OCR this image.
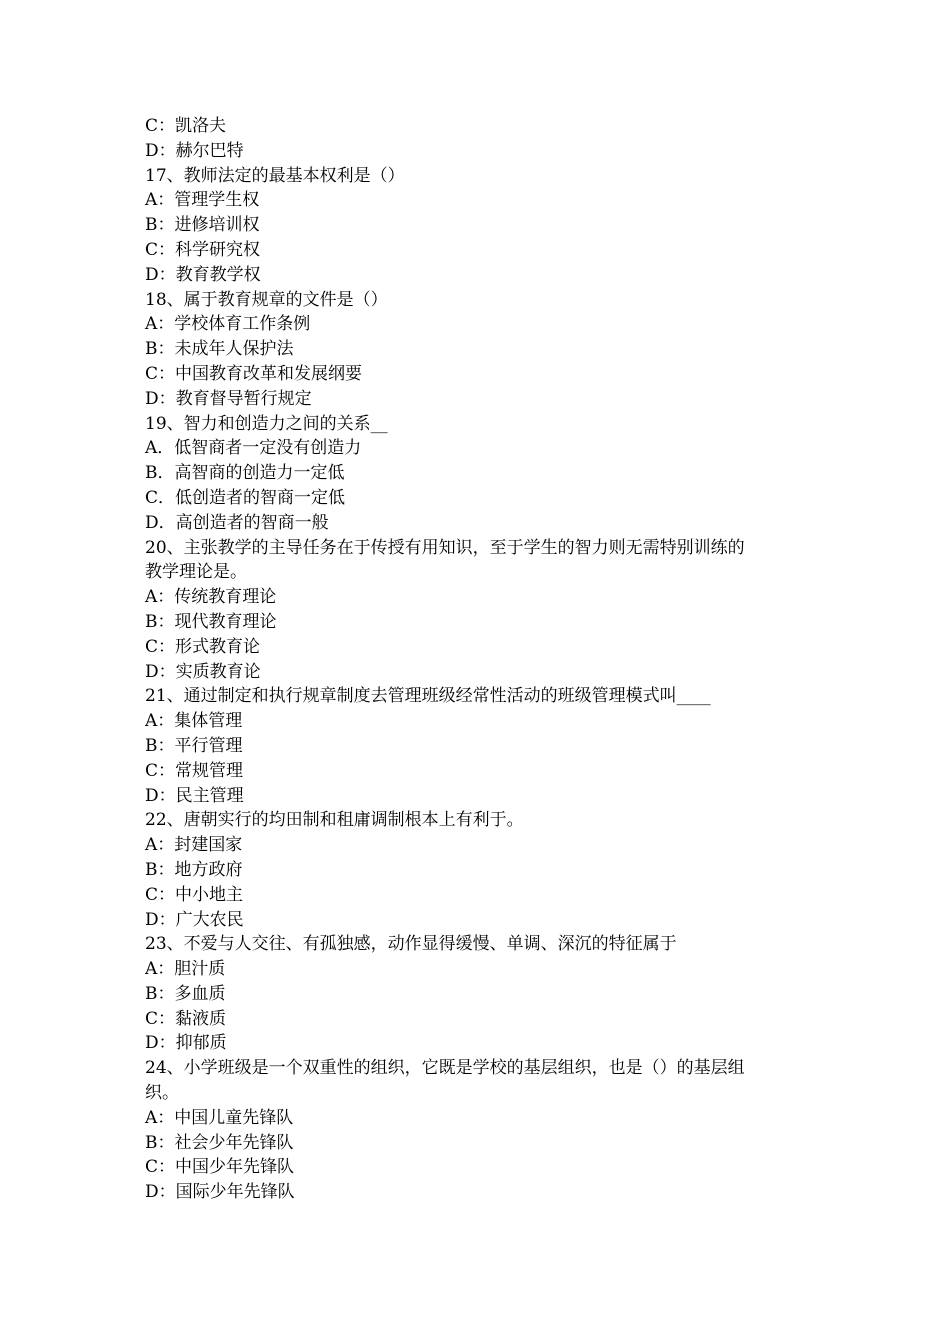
C：凯洛夫
D：赫尔巴特
17、教师法定的最基本权利是（）
A：管理学生权
B：进修培训权
C：科学研究权
D：教育教学权
18、属于教育规章的文件是（）
A：学校体育工作条例
B：未成年人保护法
C：中国教育改革和发展纲要
D：教育督导暂行规定
19、智力和创造力之间的关系__
A．低智商者一定没有创造力
B．高智商的创造力一定低
C．低创造者的智商一定低
D．高创造者的智商一般
20、主张教学的主导任务在于传授有用知识，至于学生的智力则无需特别训练的
教学理论是。
A：传统教育理论
B：现代教育理论
C：形式教育论
D：实质教育论
21、通过制定和执行规章制度去管理班级经常性活动的班级管理模式叫____
A：集体管理
B：平行管理
C：常规管理
D：民主管理
22、唐朝实行的均田制和租庸调制根本上有利于。
A：封建国家
B：地方政府
C：中小地主
D：广大农民
23、不爱与人交往、有孤独感，动作显得缓慢、单调、深沉的特征属于
A：胆汁质
B：多血质
C：黏液质
D：抑郁质
24、小学班级是一个双重性的组织，它既是学校的基层组织，也是（）的基层组
织。
A：中国儿童先锋队
B：社会少年先锋队
C：中国少年先锋队
D：国际少年先锋队
